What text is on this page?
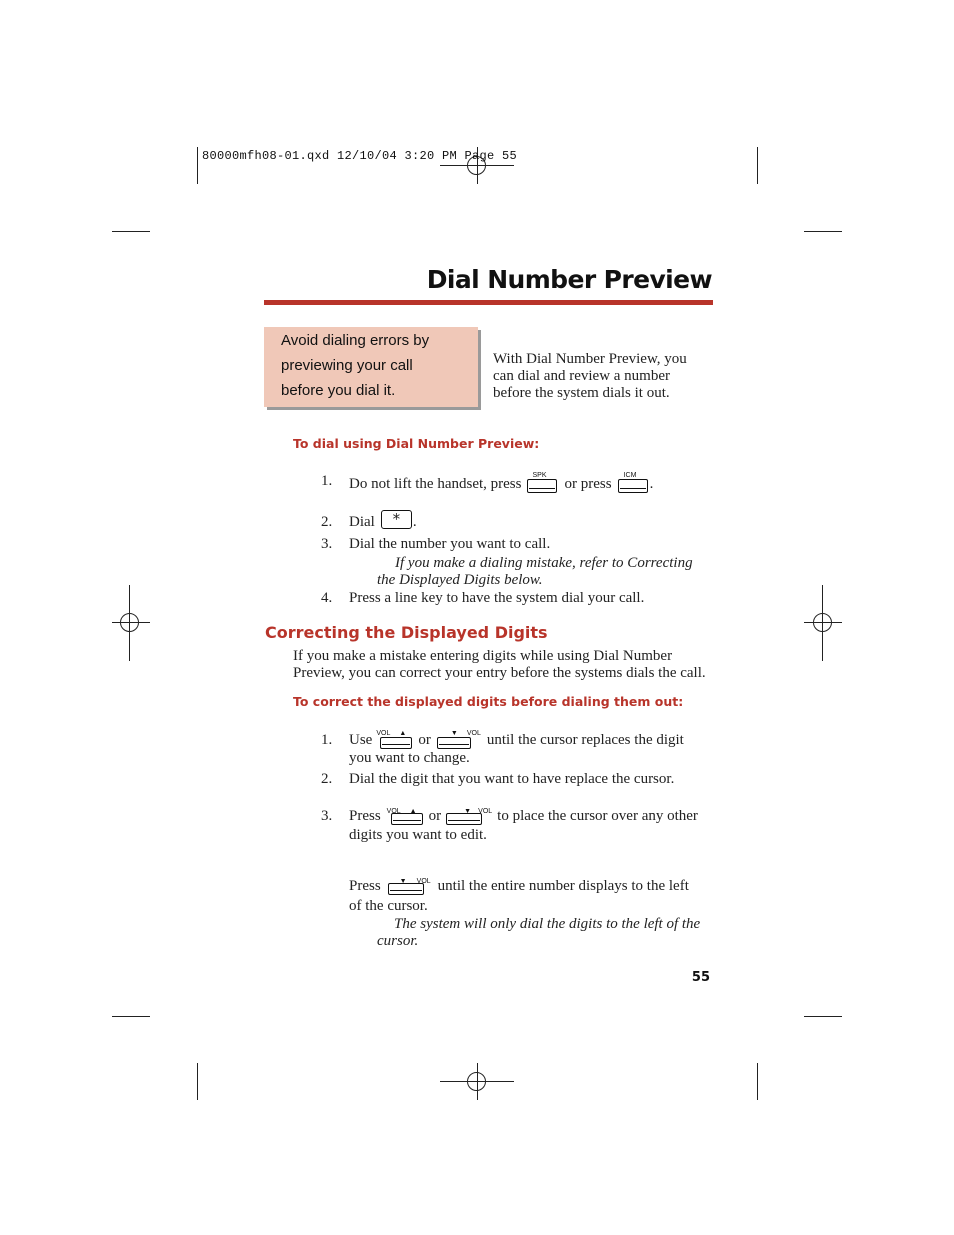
80000mfh08-01.qxd 12/10/04 3:20 PM Page 55
Dial Number Preview
Avoid dialing errors by
previewing your call
before you dial it.
With Dial Number Preview, you
can dial and review a number
before the system dials it out.
To dial using Dial Number Preview:
1. Do not lift the handset, press
SPK
or press
ICM
.
2. Dial	* .
3. Dial the number you want to call.
If you make a dialing mistake, refer to Correcting
the Displayed Digits below.
4. Press a line key to have the system dial your call.
Correcting the Displayed Digits
If you make a mistake entering digits while using Dial Number
Preview, you can correct your entry before the systems dials the call.
To correct the displayed digits before dialing them out:
1. Use VOL ▲ or	▼ VOL until the cursor replaces the digit
you want to change.
2. Dial the digit that you want to have replace the cursor.
3. Press VOL ▲ or	▼ VOL to place the cursor over any other
digits you want to edit.
Press	▼ VOL until the entire number displays to the left
of the cursor.
The system will only dial the digits to the left of the
cursor.
55
